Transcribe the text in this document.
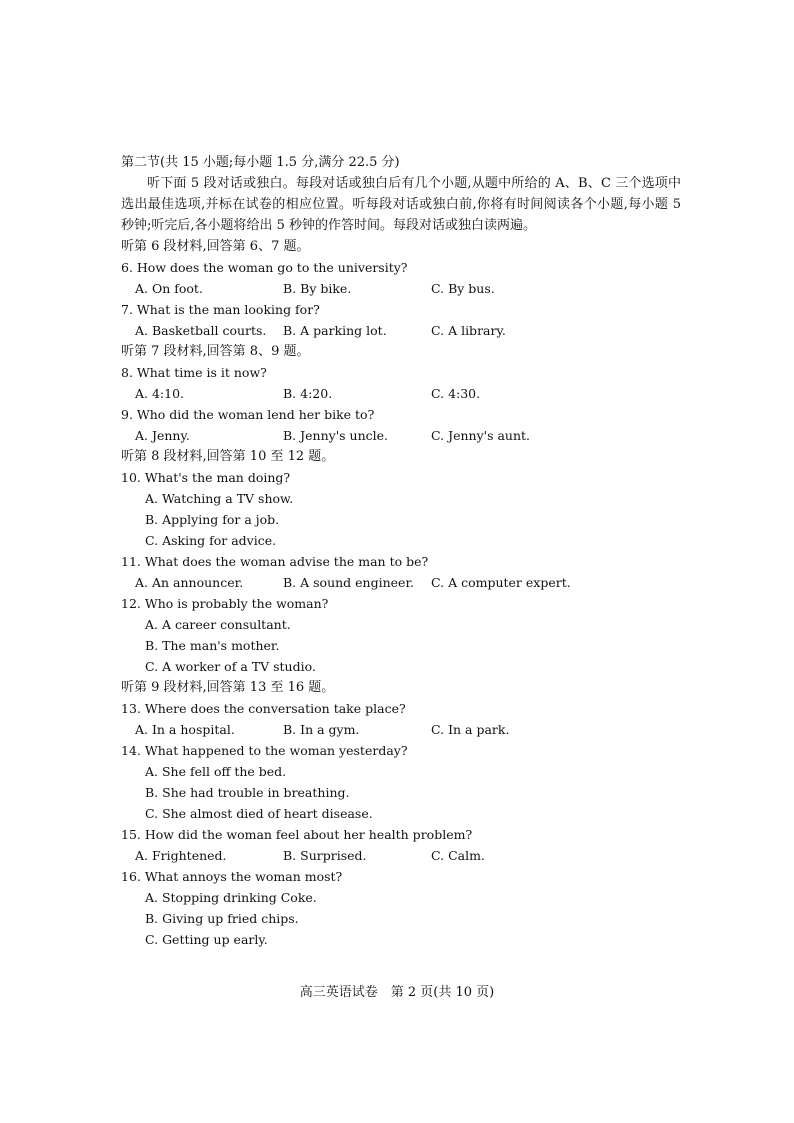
第二节(共 15 小题;每小题 1.5 分,满分 22.5 分)
听下面 5 段对话或独白。每段对话或独白后有几个小题,从题中所给的 A、B、C 三个选项中选出最佳选项,并标在试卷的相应位置。听每段对话或独白前,你将有时间阅读各个小题,每小题 5 秒钟;听完后,各小题将给出 5 秒钟的作答时间。每段对话或独白读两遍。
听第 6 段材料,回答第 6、7 题。
6. How does the woman go to the university?
A. On foot.	B. By bike.	C. By bus.
7. What is the man looking for?
A. Basketball courts.	B. A parking lot.	C. A library.
听第 7 段材料,回答第 8、9 题。
8. What time is it now?
A. 4:10.	B. 4:20.	C. 4:30.
9. Who did the woman lend her bike to?
A. Jenny.	B. Jenny's uncle.	C. Jenny's aunt.
听第 8 段材料,回答第 10 至 12 题。
10. What's the man doing?
A. Watching a TV show.
B. Applying for a job.
C. Asking for advice.
11. What does the woman advise the man to be?
A. An announcer.	B. A sound engineer.	C. A computer expert.
12. Who is probably the woman?
A. A career consultant.
B. The man's mother.
C. A worker of a TV studio.
听第 9 段材料,回答第 13 至 16 题。
13. Where does the conversation take place?
A. In a hospital.	B. In a gym.	C. In a park.
14. What happened to the woman yesterday?
A. She fell off the bed.
B. She had trouble in breathing.
C. She almost died of heart disease.
15. How did the woman feel about her health problem?
A. Frightened.	B. Surprised.	C. Calm.
16. What annoys the woman most?
A. Stopping drinking Coke.
B. Giving up fried chips.
C. Getting up early.
高三英语试卷　第 2 页(共 10 页)
